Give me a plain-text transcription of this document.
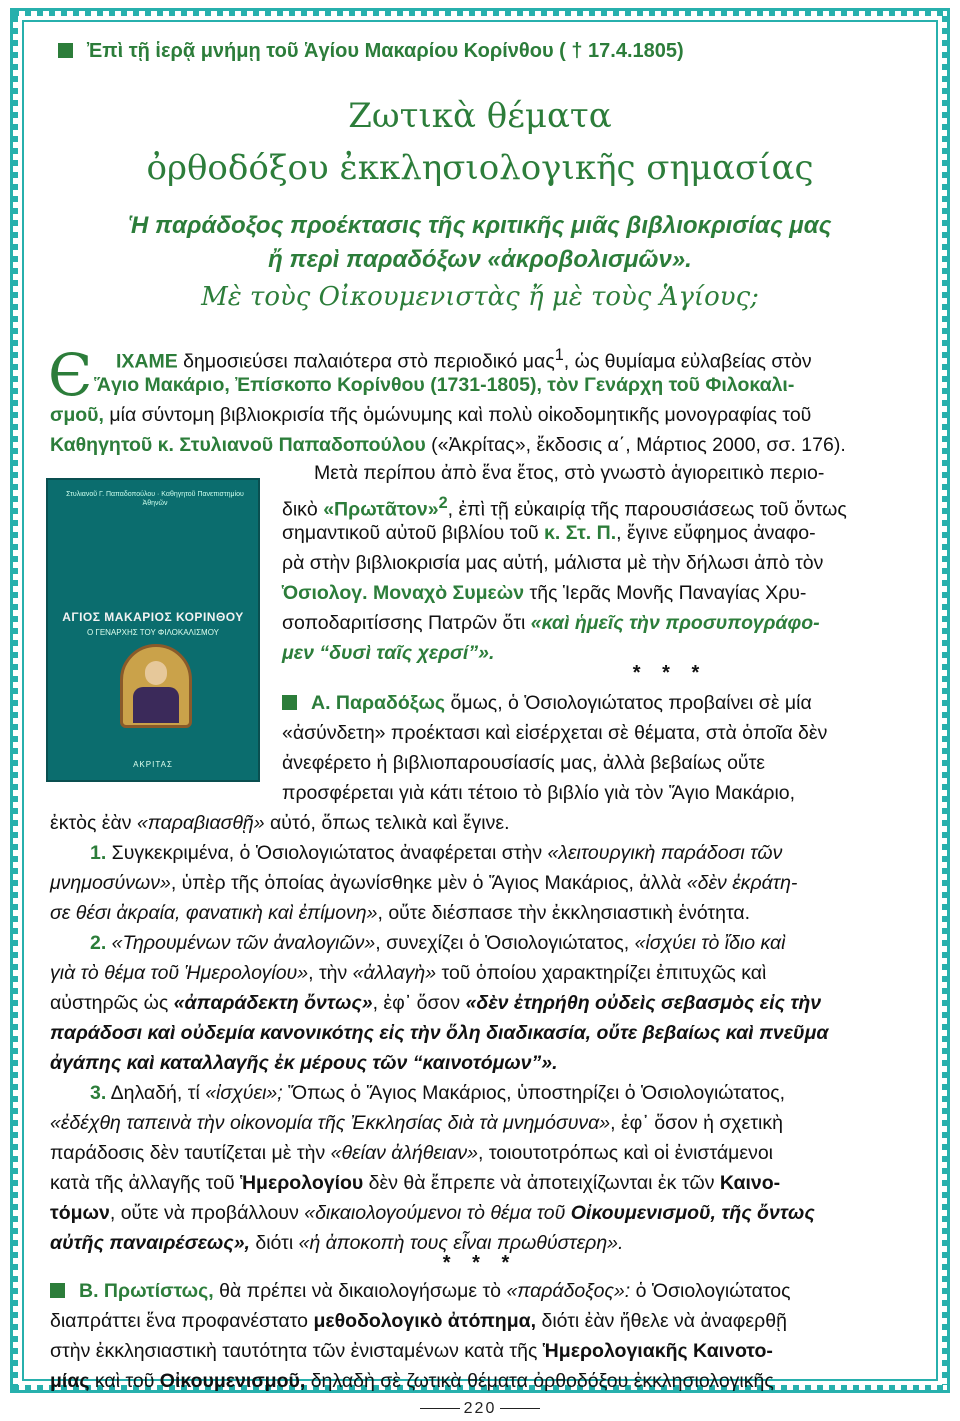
Ἐπὶ τῇ ἱερᾷ μνήμῃ τοῦ Ἁγίου Μακαρίου Κορίνθου ( † 17.4.1805)
Ζωτικὰ θέματα
ὀρθοδόξου ἐκκλησιολογικῆς σημασίας
Ἡ παράδοξος προέκτασις τῆς κριτικῆς μιᾶς βιβλιοκρισίας μας
ἤ περὶ παραδόξων «ἀκροβολισμῶν».
Μὲ τοὺς Οἰκουμενιστὰς ἤ μὲ τοὺς Ἁγίους;
Є ΙΧΑΜΕ δημοσιεύσει παλαιότερα στὸ περιοδικό μας$^1$, ὡς θυμίαμα εὐλαβείας στὸν
Ἅγιο Μακάριο, Ἐπίσκοπο Κορίνθου (1731-1805), τὸν Γενάρχη τοῦ Φιλοκαλι-
σμοῦ, μία σύντομη βιβλιοκρισία τῆς ὁμώνυμης καὶ πολὺ οἰκοδομητικῆς μονογραφίας τοῦ
Καθηγητοῦ κ. Στυλιανοῦ Παπαδοπούλου («Ἀκρίτας», ἔκδοσις α΄, Μάρτιος 2000, σσ. 176).
Στυλιανοῦ Γ. Παπαδοπούλου · Καθηγητοῦ Πανεπιστημίου Ἀθηνῶν
ΑΓΙΟΣ ΜΑΚΑΡΙΟΣ ΚΟΡΙΝΘΟΥ
Ο ΓΕΝΑΡΧΗΣ ΤΟΥ ΦΙΛΟΚΑΛΙΣΜΟΥ
ΑΚΡΙΤΑΣ
Μετὰ περίπου ἀπὸ ἕνα ἔτος, στὸ γνωστὸ ἁγιορειτικὸ περιο-
δικὸ «Πρωτᾶτον»$^2$, ἐπὶ τῇ εὐκαιρίᾳ τῆς παρουσιάσεως τοῦ ὄντως
σημαντικοῦ αὐτοῦ βιβλίου τοῦ κ. Στ. Π., ἔγινε εὔφημος ἀναφο-
ρὰ στὴν βιβλιοκρισία μας αὐτή, μάλιστα μὲ τὴν δήλωσι ἀπὸ τὸν
Ὁσιολογ. Μοναχὸ Συμεὼν τῆς Ἱερᾶς Μονῆς Παναγίας Χρυ-
σοποδαριτίσσης Πατρῶν ὅτι «καὶ ἡμεῖς τὴν προσυπογράφο-
μεν “δυσὶ ταῖς χερσί”».
* * *
Α. Παραδόξως ὅμως, ὁ Ὁσιολογιώτατος προβαίνει σὲ μία
«ἀσύνδετη» προέκτασι καὶ εἰσέρχεται σὲ θέματα, στὰ ὁποῖα δὲν
ἀνεφέρετο ἡ βιβλιοπαρουσίασίς μας, ἀλλὰ βεβαίως οὔτε
προσφέρεται γιὰ κάτι τέτοιο τὸ βιβλίο γιὰ τὸν Ἅγιο Μακάριο,
ἐκτὸς ἐὰν «παραβιασθῇ» αὐτό, ὅπως τελικὰ καὶ ἔγινε.
1. Συγκεκριμένα, ὁ Ὁσιολογιώτατος ἀναφέρεται στὴν «λειτουργικὴ παράδοσι τῶν
μνημοσύνων», ὑπὲρ τῆς ὁποίας ἀγωνίσθηκε μὲν ὁ Ἅγιος Μακάριος, ἀλλὰ «δὲν ἐκράτη-
σε θέσι ἀκραία, φανατικὴ καὶ ἐπίμονη», οὔτε διέσπασε τὴν ἐκκλησιαστικὴ ἑνότητα.
2. «Τηρουμένων τῶν ἀναλογιῶν», συνεχίζει ὁ Ὁσιολογιώτατος, «ἰσχύει τὸ ἴδιο καὶ
γιὰ τὸ θέμα τοῦ Ἡμερολογίου», τὴν «ἀλλαγὴ» τοῦ ὁποίου χαρακτηρίζει ἐπιτυχῶς καὶ
αὐστηρῶς ὡς «ἀπαράδεκτη ὄντως», ἐφ᾽ ὅσον «δὲν ἐτηρήθη οὐδεὶς σεβασμὸς εἰς τὴν
παράδοσι καὶ οὐδεμία κανονικότης εἰς τὴν ὅλη διαδικασία, οὔτε βεβαίως καὶ πνεῦμα
ἀγάπης καὶ καταλλαγῆς ἐκ μέρους τῶν “καινοτόμων”».
3. Δηλαδή, τί «ἰσχύει»; Ὅπως ὁ Ἅγιος Μακάριος, ὑποστηρίζει ὁ Ὁσιολογιώτατος,
«ἐδέχθη ταπεινὰ τὴν οἰκονομία τῆς Ἐκκλησίας διὰ τὰ μνημόσυνα», ἐφ᾽ ὅσον ἡ σχετικὴ
παράδοσις δὲν ταυτίζεται μὲ τὴν «θείαν ἀλήθειαν», τοιουτοτρόπως καὶ οἱ ἐνιστάμενοι
κατὰ τῆς ἀλλαγῆς τοῦ Ἡμερολογίου δὲν θὰ ἔπρεπε νὰ ἀποτειχίζωνται ἐκ τῶν Καινο-
τόμων, οὔτε νὰ προβάλλουν «δικαιολογούμενοι τὸ θέμα τοῦ Οἰκουμενισμοῦ, τῆς ὄντως
αὐτῆς παναιρέσεως», διότι «ἡ ἀποκοπὴ τους εἶναι πρωθύστερη».
* * *
Β. Πρωτίστως, θὰ πρέπει νὰ δικαιολογήσωμε τὸ «παράδοξος»: ὁ Ὁσιολογιώτατος
διαπράττει ἕνα προφανέστατο μεθοδολογικὸ ἀτόπημα, διότι ἐὰν ἤθελε νὰ ἀναφερθῇ
στὴν ἐκκλησιαστικὴ ταυτότητα τῶν ἐνισταμένων κατὰ τῆς Ἡμερολογιακῆς Καινοτο-
μίας καὶ τοῦ Οἰκουμενισμοῦ, δηλαδὴ σὲ ζωτικὰ θέματα ὀρθοδόξου ἐκκλησιολογικῆς
220
